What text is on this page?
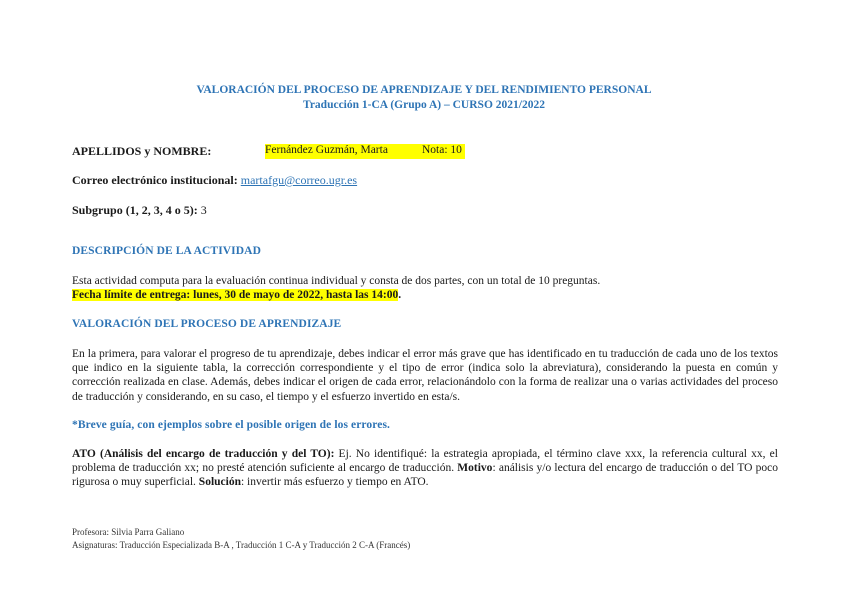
VALORACIÓN DEL PROCESO DE APRENDIZAJE Y DEL RENDIMIENTO PERSONAL
Traducción 1-CA (Grupo A) – CURSO 2021/2022
APELLIDOS y NOMBRE:	Fernández Guzmán, Marta	Nota: 10
Correo electrónico institucional: martafgu@correo.ugr.es
Subgrupo (1, 2, 3, 4 o 5): 3
DESCRIPCIÓN DE LA ACTIVIDAD
Esta actividad computa para la evaluación continua individual y consta de dos partes, con un total de 10 preguntas.
Fecha límite de entrega: lunes, 30 de mayo de 2022, hasta las 14:00.
VALORACIÓN DEL PROCESO DE APRENDIZAJE
En la primera, para valorar el progreso de tu aprendizaje, debes indicar el error más grave que has identificado en tu traducción de cada uno de los textos que indico en la siguiente tabla, la corrección correspondiente y el tipo de error (indica solo la abreviatura), considerando la puesta en común y corrección realizada en clase. Además, debes indicar el origen de cada error, relacionándolo con la forma de realizar una o varias actividades del proceso de traducción y considerando, en su caso, el tiempo y el esfuerzo invertido en esta/s.
*Breve guía, con ejemplos sobre el posible origen de los errores.
ATO (Análisis del encargo de traducción y del TO): Ej. No identifiqué: la estrategia apropiada, el término clave xxx, la referencia cultural xx, el problema de traducción xx; no presté atención suficiente al encargo de traducción. Motivo: análisis y/o lectura del encargo de traducción o del TO poco rigurosa o muy superficial. Solución: invertir más esfuerzo y tiempo en ATO.
Profesora: Silvia Parra Galiano
Asignaturas: Traducción Especializada B-A , Traducción 1 C-A y Traducción 2 C-A (Francés)
